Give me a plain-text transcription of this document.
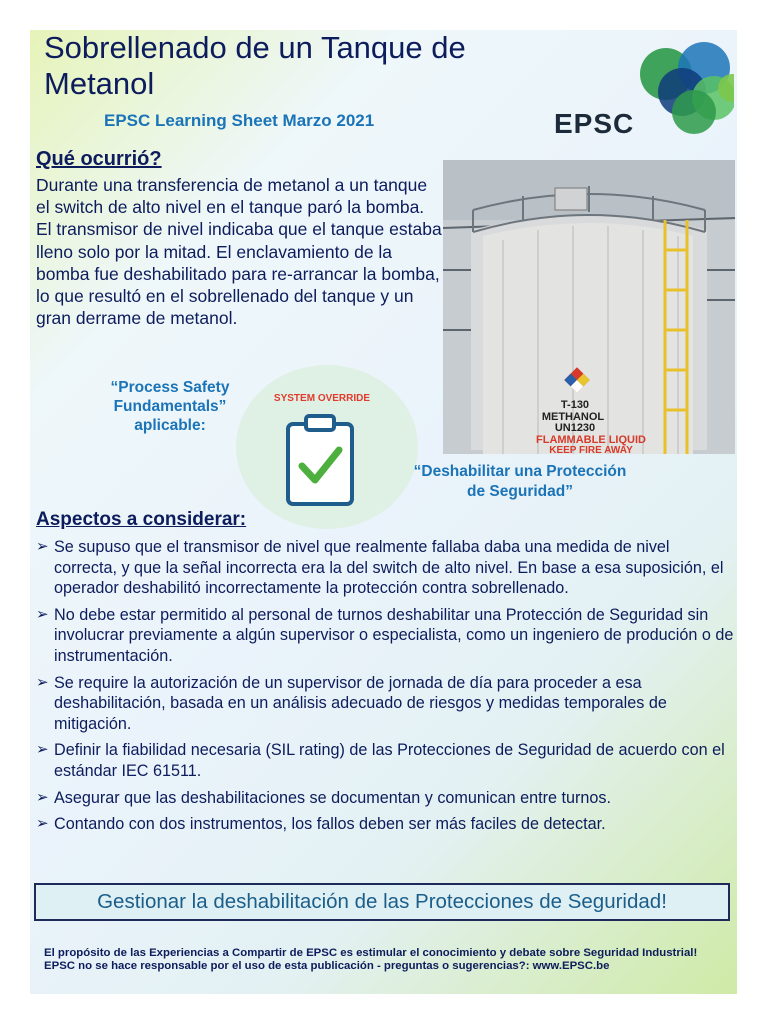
Sobrellenado de un Tanque de Metanol
EPSC Learning Sheet Marzo 2021	EPSC
Qué ocurrió?

Durante una transferencia de metanol a un tanque el switch de alto nivel en el tanque paró la bomba. El transmisor de nivel indicaba que el tanque estaba lleno solo por la mitad. El enclavamiento de la bomba fue deshabilitado para re-arrancar la bomba, lo que resultó en el sobrellenado del tanque y un gran derrame de metanol.

T-130
METHANOL
UN1230
FLAMMABLE LIQUID
KEEP FIRE AWAY
“Process Safety Fundamentals” aplicable:
SYSTEM OVERRIDE
“Deshabilitar una Protección de Seguridad”
Aspectos a considerar:
➢ Se supuso que el transmisor de nivel que realmente fallaba daba una medida de nivel correcta, y que la señal incorrecta era la del switch de alto nivel. En base a esa suposición, el operador deshabilitó incorrectamente la protección contra sobrellenado.
➢ No debe estar permitido al personal de turnos deshabilitar una Protección de Seguridad sin involucrar previamente a algún supervisor o especialista, como un ingeniero de produción o de instrumentación.
➢ Se require la autorización de un supervisor de jornada de día para proceder a esa deshabilitación, basada en un análisis adecuado de riesgos y medidas temporales de mitigación.
➢ Definir la fiabilidad necesaria (SIL rating) de las Protecciones de Seguridad de acuerdo con el estándar IEC 61511.
➢ Asegurar que las deshabilitaciones se documentan y comunican entre turnos.
➢ Contando con dos instrumentos, los fallos deben ser más faciles de detectar.
Gestionar la deshabilitación de las Protecciones de Seguridad!

El propósito de las Experiencias a Compartir de EPSC es estimular el conocimiento y debate sobre Seguridad Industrial!

EPSC no se hace responsable por el uso de esta publicación - preguntas o sugerencias?: www.EPSC.be
